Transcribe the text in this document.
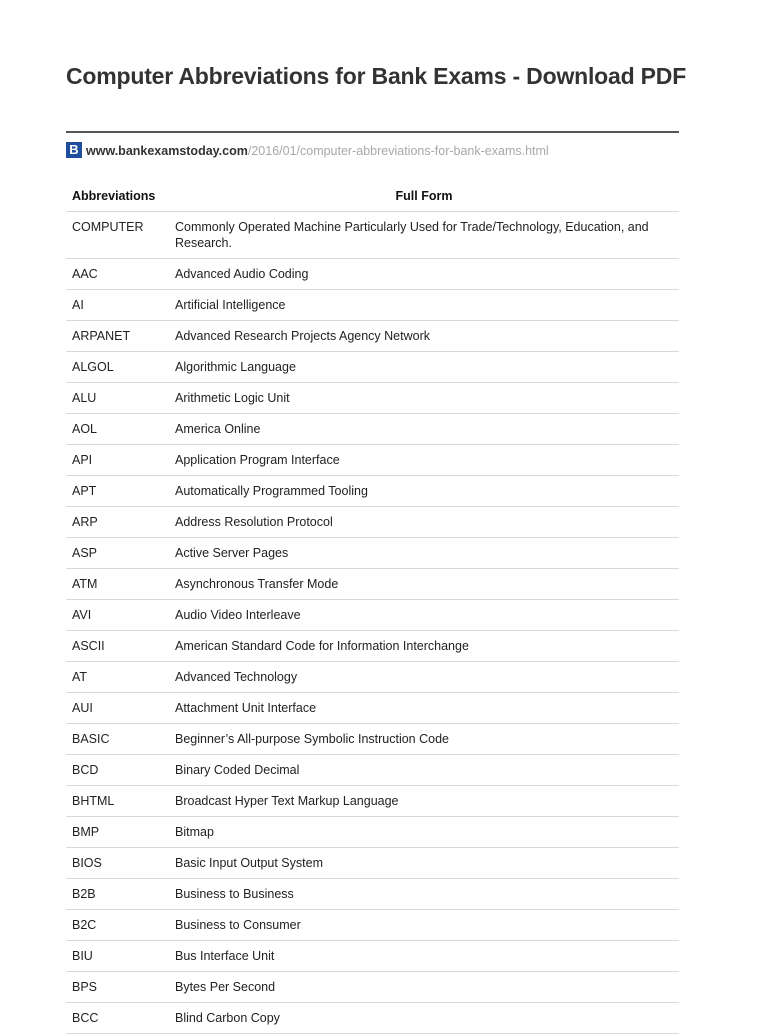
Computer Abbreviations for Bank Exams - Download PDF
B www.bankexamstoday.com /2016/01/computer-abbreviations-for-bank-exams.html
Abbreviations	Full Form
COMPUTER	Commonly Operated Machine Particularly Used for Trade/Technology, Education, and Research.
AAC	Advanced Audio Coding
AI	Artificial Intelligence
ARPANET	Advanced Research Projects Agency Network
ALGOL	Algorithmic Language
ALU	Arithmetic Logic Unit
AOL	America Online
API	Application Program Interface
APT	Automatically Programmed Tooling
ARP	Address Resolution Protocol
ASP	Active Server Pages
ATM	Asynchronous Transfer Mode
AVI	Audio Video Interleave
ASCII	American Standard Code for Information Interchange
AT	Advanced Technology
AUI	Attachment Unit Interface
BASIC	Beginner’s All-purpose Symbolic Instruction Code
BCD	Binary Coded Decimal
BHTML	Broadcast Hyper Text Markup Language
BMP	Bitmap
BIOS	Basic Input Output System
B2B	Business to Business
B2C	Business to Consumer
BIU	Bus Interface Unit
BPS	Bytes Per Second
BCC	Blind Carbon Copy
